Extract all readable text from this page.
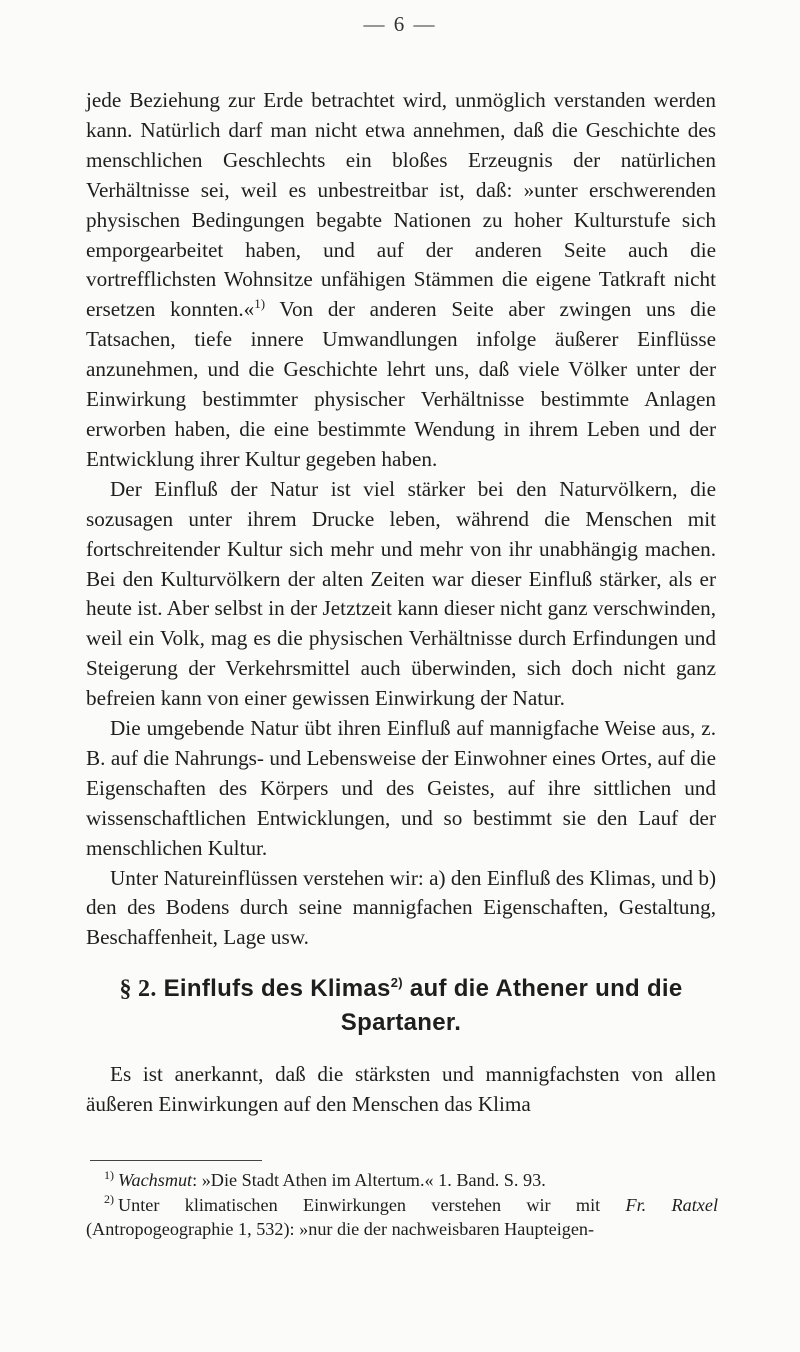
— 6 —

jede Beziehung zur Erde betrachtet wird, unmöglich verstanden werden kann. Natürlich darf man nicht etwa annehmen, daß die Geschichte des menschlichen Geschlechts ein bloßes Erzeugnis der natürlichen Verhältnisse sei, weil es unbestreitbar ist, daß: »unter erschwerenden physischen Bedingungen begabte Nationen zu hoher Kulturstufe sich emporgearbeitet haben, und auf der anderen Seite auch die vortrefflichsten Wohnsitze unfähigen Stämmen die eigene Tatkraft nicht ersetzen konnten.«$^{1)}$ Von der anderen Seite aber zwingen uns die Tatsachen, tiefe innere Umwandlungen infolge äußerer Einflüsse anzunehmen, und die Geschichte lehrt uns, daß viele Völker unter der Einwirkung bestimmter physischer Verhältnisse bestimmte Anlagen erworben haben, die eine bestimmte Wendung in ihrem Leben und der Entwicklung ihrer Kultur gegeben haben.

Der Einfluß der Natur ist viel stärker bei den Naturvölkern, die sozusagen unter ihrem Drucke leben, während die Menschen mit fortschreitender Kultur sich mehr und mehr von ihr unabhängig machen. Bei den Kulturvölkern der alten Zeiten war dieser Einfluß stärker, als er heute ist. Aber selbst in der Jetztzeit kann dieser nicht ganz verschwinden, weil ein Volk, mag es die physischen Verhältnisse durch Erfindungen und Steigerung der Verkehrsmittel auch überwinden, sich doch nicht ganz befreien kann von einer gewissen Einwirkung der Natur.

Die umgebende Natur übt ihren Einfluß auf mannigfache Weise aus, z. B. auf die Nahrungs- und Lebensweise der Einwohner eines Ortes, auf die Eigenschaften des Körpers und des Geistes, auf ihre sittlichen und wissenschaftlichen Entwicklungen, und so bestimmt sie den Lauf der menschlichen Kultur.

Unter Natureinflüssen verstehen wir: a) den Einfluß des Klimas, und b) den des Bodens durch seine mannigfachen Eigenschaften, Gestaltung, Beschaffenheit, Lage usw.

§ 2. Einflufs des Klimas$^{2)}$ auf die Athener und die Spartaner.

Es ist anerkannt, daß die stärksten und mannigfachsten von allen äußeren Einwirkungen auf den Menschen das Klima

$^{1)}$ Wachsmut: »Die Stadt Athen im Altertum.« 1. Band. S. 93.

$^{2)}$ Unter klimatischen Einwirkungen verstehen wir mit Fr. Ratxel (Antropogeographie 1, 532): »nur die der nachweisbaren Haupteigen-
